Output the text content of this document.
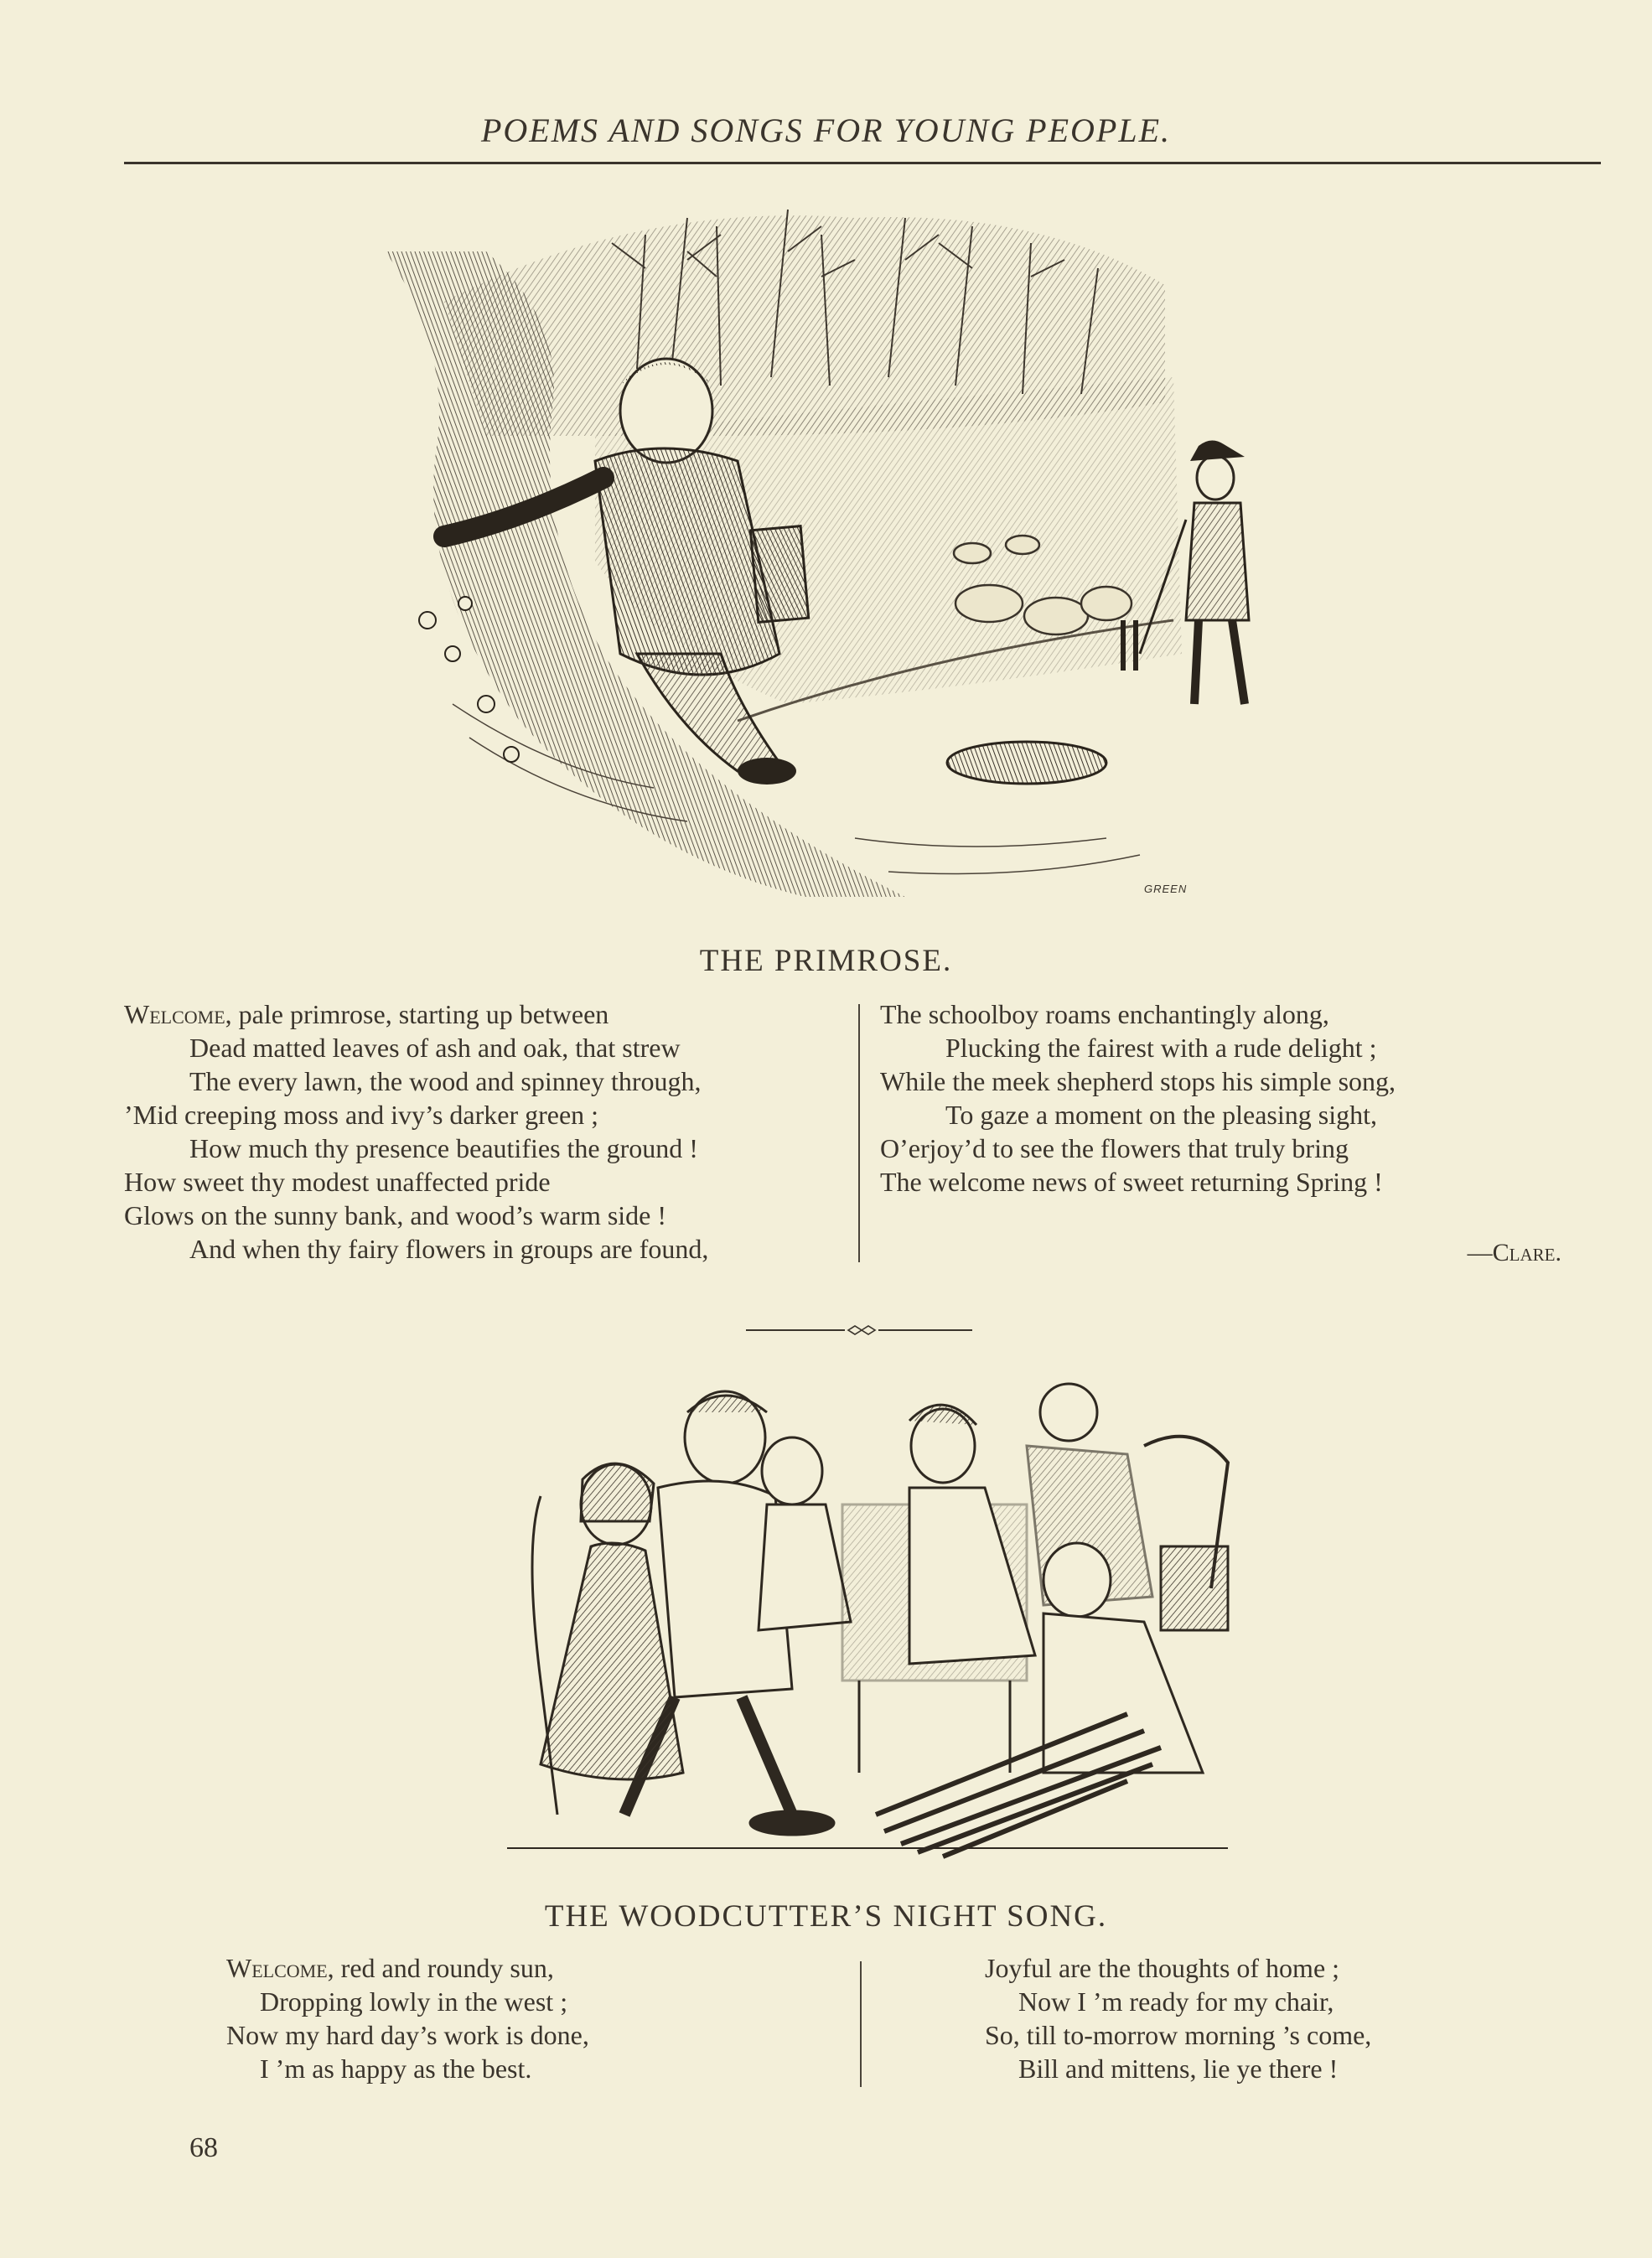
POEMS AND SONGS FOR YOUNG PEOPLE.
GREEN
THE PRIMROSE.
Welcome, pale primrose, starting up between
Dead matted leaves of ash and oak, that strew
The every lawn, the wood and spinney through,
’Mid creeping moss and ivy’s darker green ;
How much thy presence beautifies the ground !
How sweet thy modest unaffected pride
Glows on the sunny bank, and wood’s warm side !
And when thy fairy flowers in groups are found,
The schoolboy roams enchantingly along,
Plucking the fairest with a rude delight ;
While the meek shepherd stops his simple song,
To gaze a moment on the pleasing sight,
O’erjoy’d to see the flowers that truly bring
The welcome news of sweet returning Spring !
—Clare.
THE WOODCUTTER’S NIGHT SONG.
Welcome, red and roundy sun,
Dropping lowly in the west ;
Now my hard day’s work is done,
I ’m as happy as the best.
Joyful are the thoughts of home ;
Now I ’m ready for my chair,
So, till to-morrow morning ’s come,
Bill and mittens, lie ye there !
68
